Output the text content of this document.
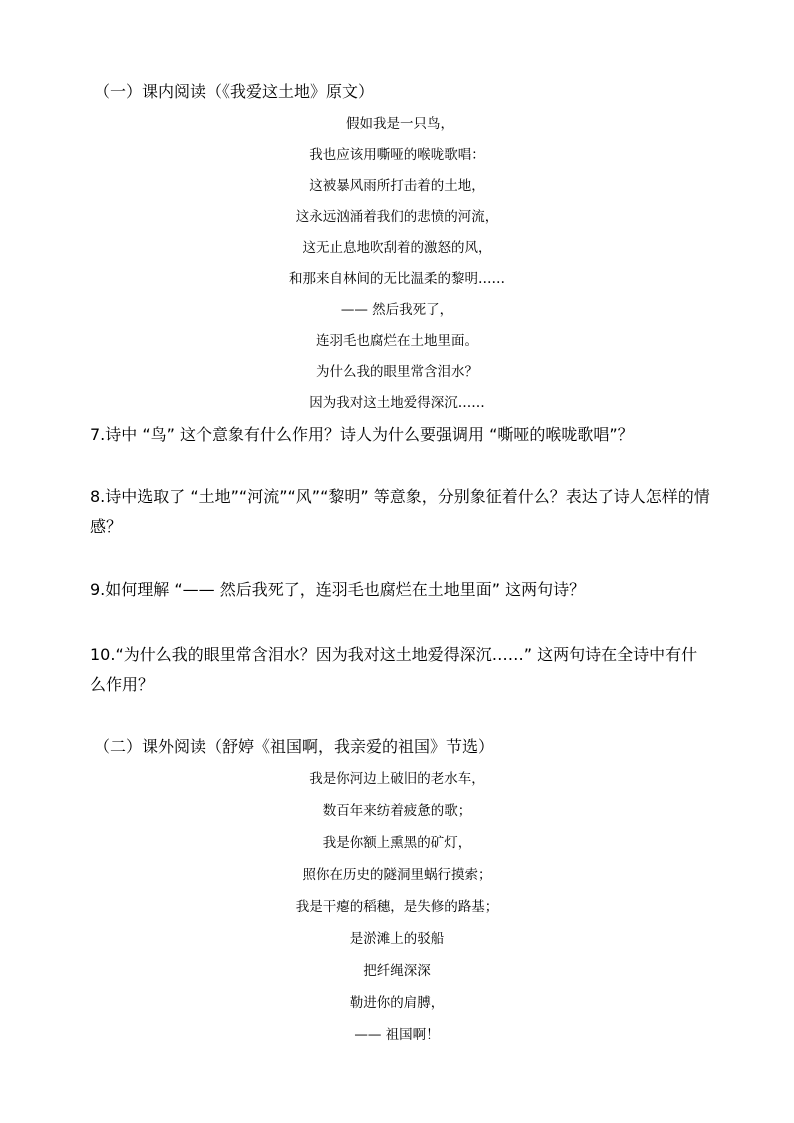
（一）课内阅读（《我爱这土地》原文）
假如我是一只鸟，
我也应该用嘶哑的喉咙歌唱：
这被暴风雨所打击着的土地，
这永远汹涌着我们的悲愤的河流，
这无止息地吹刮着的激怒的风，
和那来自林间的无比温柔的黎明……
—— 然后我死了，
连羽毛也腐烂在土地里面。
为什么我的眼里常含泪水？
因为我对这土地爱得深沉……
7.诗中 “鸟” 这个意象有什么作用？诗人为什么要强调用 “嘶哑的喉咙歌唱”？
8.诗中选取了 “土地”“河流”“风”“黎明” 等意象，分别象征着什么？表达了诗人怎样的情感？
9.如何理解 “—— 然后我死了，连羽毛也腐烂在土地里面” 这两句诗？
10.“为什么我的眼里常含泪水？因为我对这土地爱得深沉……” 这两句诗在全诗中有什么作用？
（二）课外阅读（舒婷《祖国啊，我亲爱的祖国》节选）
我是你河边上破旧的老水车，
数百年来纺着疲惫的歌；
我是你额上熏黑的矿灯，
照你在历史的隧洞里蜗行摸索；
我是干瘪的稻穗，是失修的路基；
是淤滩上的驳船
把纤绳深深
勒进你的肩膊，
—— 祖国啊！
